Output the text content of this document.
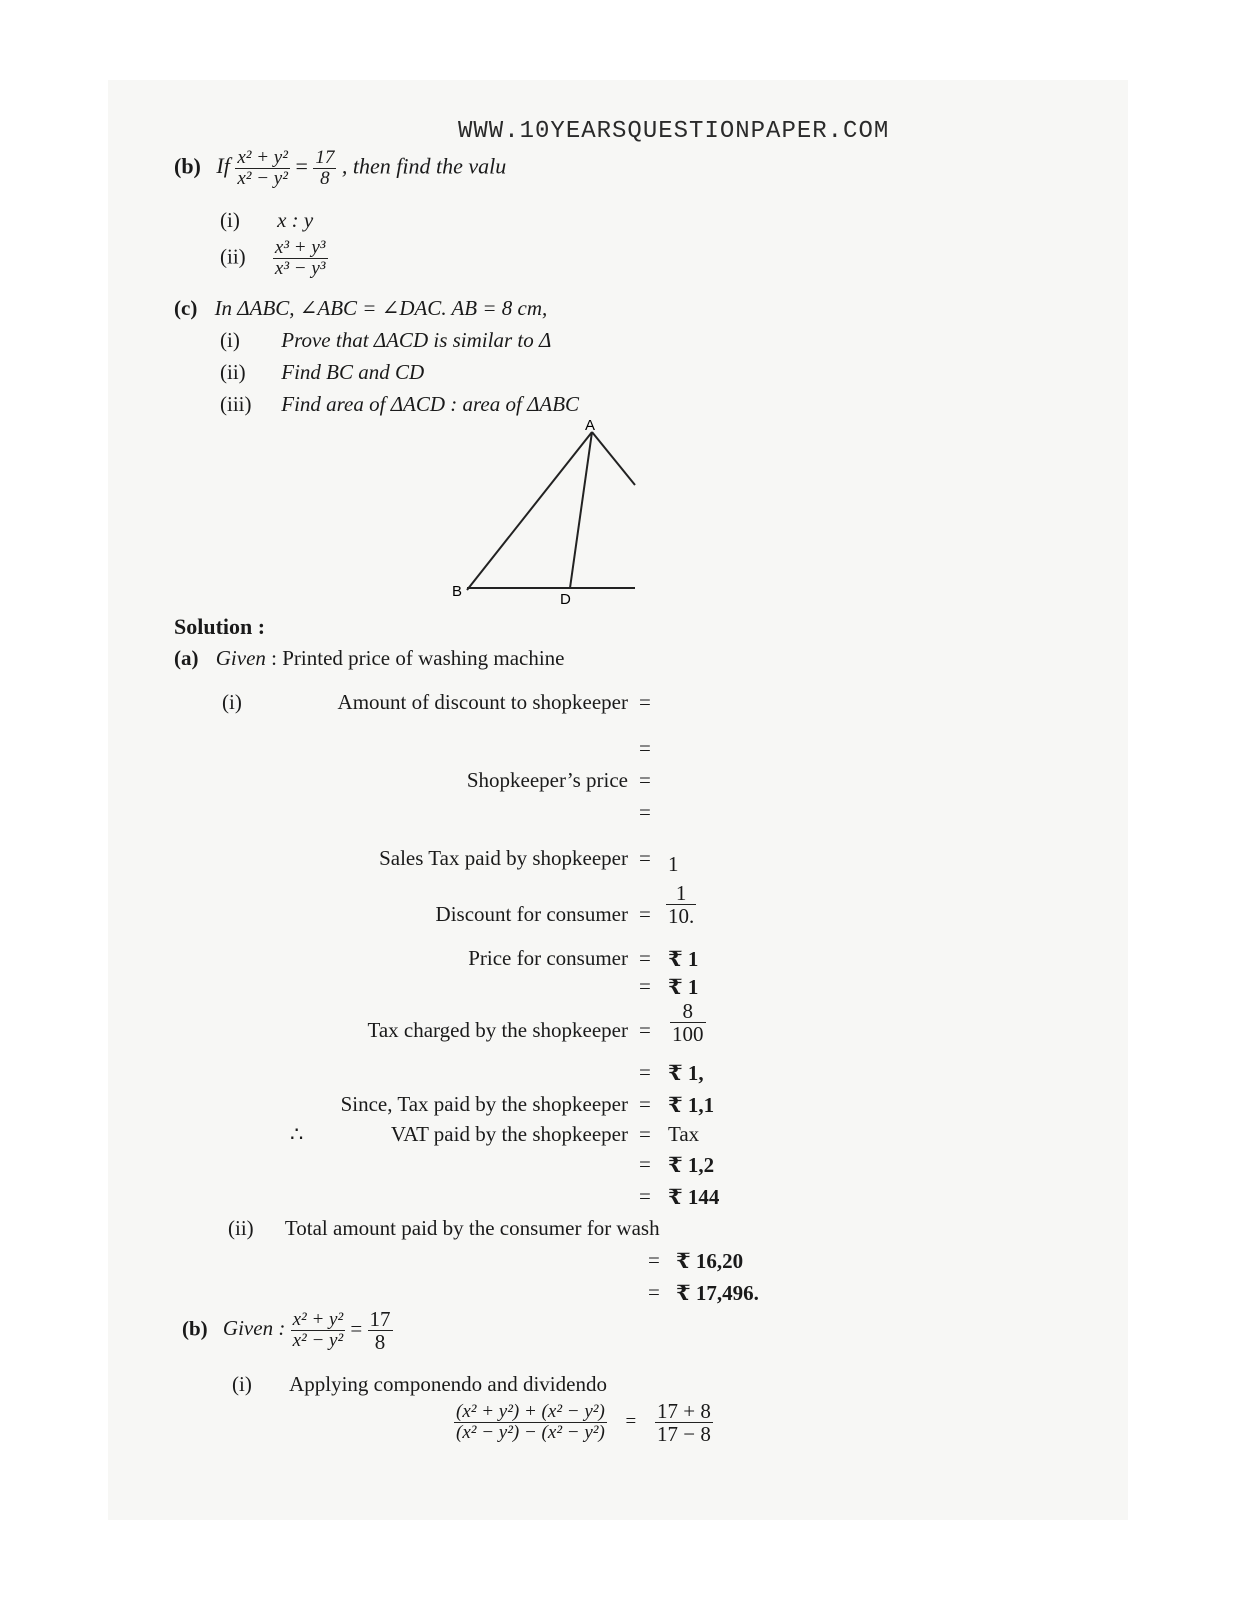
WWW.10YEARSQUESTIONPAPER.COM
(b) If $\frac{\text{x² + y²}}{\text{x² − y²}} = \frac{17}{8}$ , then find the valu
(i) x : y
$(ii) \frac{\text{x³ + y³}}{\text{x³ − y³}}$
(c) In ΔABC, ∠ABC = ∠DAC. AB = 8 cm,
(i) Prove that ΔACD is similar to Δ
(ii) Find BC and CD
(iii) Find area of ΔACD : area of ΔABC
A
B	D
Solution :
(a) Given : Printed price of washing machine
(i)	Amount of discount to shopkeeper =
=
Shopkeeper’s price =
=
Sales Tax paid by shopkeeper = 1
Discount for consumer = $\frac{1}{10.}$
Price for consumer = ₹ 1
= ₹ 1
Tax charged by the shopkeeper = $\frac{8}{100}$
= ₹ 1,
Since, Tax paid by the shopkeeper = ₹ 1,1
∴	VAT paid by the shopkeeper = Tax
= ₹ 1,2
= ₹ 144
(ii) Total amount paid by the consumer for wash
= ₹ 16,20
= ₹ 17,496.
(b) Given : $\frac{\text{x² + y²}}{\text{x² − y²}} = \frac{17}{8}$
(i) Applying componendo and dividendo
$\frac{\text{(x² + y²) + (x² − y²)}}{\text{(x² − y²) − (x² − y²)}} = \frac{17 + 8}{17 - 8}$
